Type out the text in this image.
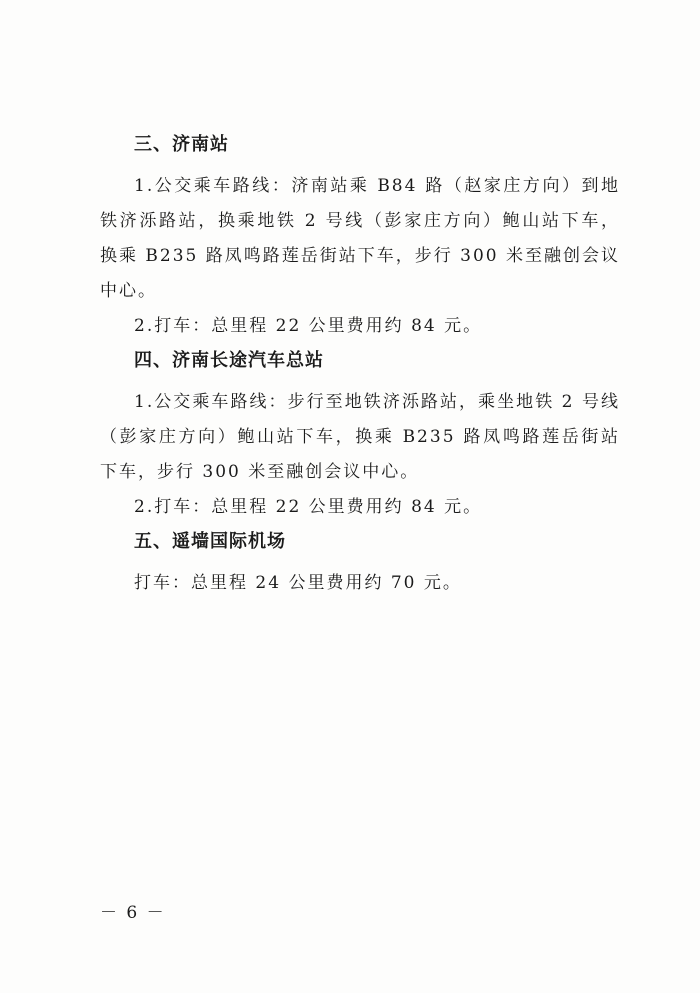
三、济南站

1.公交乘车路线：济南站乘 B84 路（赵家庄方向）到地铁济泺路站，换乘地铁 2 号线（彭家庄方向）鲍山站下车，换乘 B235 路凤鸣路莲岳街站下车，步行 300 米至融创会议中心。

2.打车：总里程 22 公里费用约 84 元。

四、济南长途汽车总站

1.公交乘车路线：步行至地铁济泺路站，乘坐地铁 2 号线（彭家庄方向）鲍山站下车，换乘 B235 路凤鸣路莲岳街站下车，步行 300 米至融创会议中心。

2.打车：总里程 22 公里费用约 84 元。

五、遥墙国际机场

打车：总里程 24 公里费用约 70 元。

－ 6 －
